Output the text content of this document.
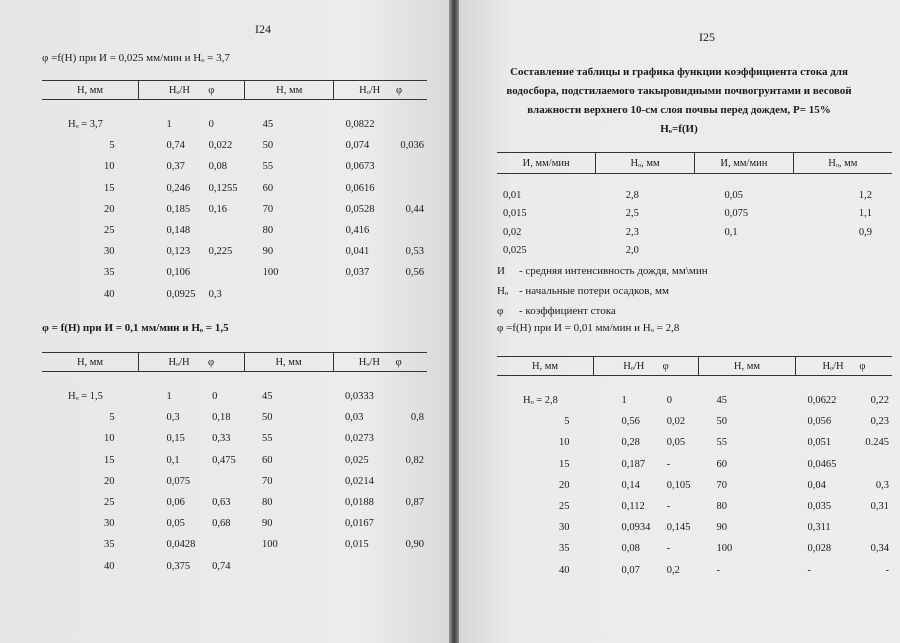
I24
φ =f(H) при И = 0,025 мм/мин и Hₒ = 3,7
Н, мм	Hₒ/H φ		Н, мм	Hₒ/H φ	
Hₒ = 3,7	1	0	45	0,0822	
5	0,74	0,022	50	0,074	0,036
10	0,37	0,08	55	0,0673	
15	0,246	0,1255	60	0,0616	
20	0,185	0,16	70	0,0528	0,44
25	0,148		80	0,416	
30	0,123	0,225	90	0,041	0,53
35	0,106		100	0,037	0,56
40	0,0925	0,3			
φ = f(H) при И = 0,1 мм/мин и Hₒ = 1,5
Н, мм	Hₒ/H φ		Н, мм	Hₒ/H φ	
Hₒ = 1,5	1	0	45	0,0333	
5	0,3	0,18	50	0,03	0,8
10	0,15	0,33	55	0,0273	
15	0,1	0,475	60	0,025	0,82
20	0,075		70	0,0214	
25	0,06	0,63	80	0,0188	0,87
30	0,05	0,68	90	0,0167	
35	0,0428		100	0,015	0,90
40	0,375	0,74			
I25
Составление таблицы и графика функции коэффициента стока для
водосбора, подстилаемого такыровидными почвогрунтами и весовой
влажности верхнего 10-см слоя почвы перед дождем, Р= 15%
Hₒ=f(И)
И, мм/мин	Hₒ, мм	И, мм/мин	Hₒ, мм
0,01	2,8	0,05	1,2
0,015	2,5	0,075	1,1
0,02	2,3	0,1	0,9
0,025	2,0		
И - средняя интенсивность дождя, мм\мин
Hₒ - начальные потери осадков, мм
φ - коэффициент стока
φ =f(H) при И = 0,01 мм/мин и Hₒ = 2,8
Н, мм	Hₒ/H φ		Н, мм	Hₒ/H φ	
Hₒ = 2,8	1	0	45	0,0622	0,22
5	0,56	0,02	50	0,056	0,23
10	0,28	0,05	55	0,051	0.245
15	0,187	-	60	0,0465	
20	0,14	0,105	70	0,04	0,3
25	0,112	-	80	0,035	0,31
30	0,0934	0,145	90	0,311	
35	0,08	-	100	0,028	0,34
40	0,07	0,2	-	-	-
